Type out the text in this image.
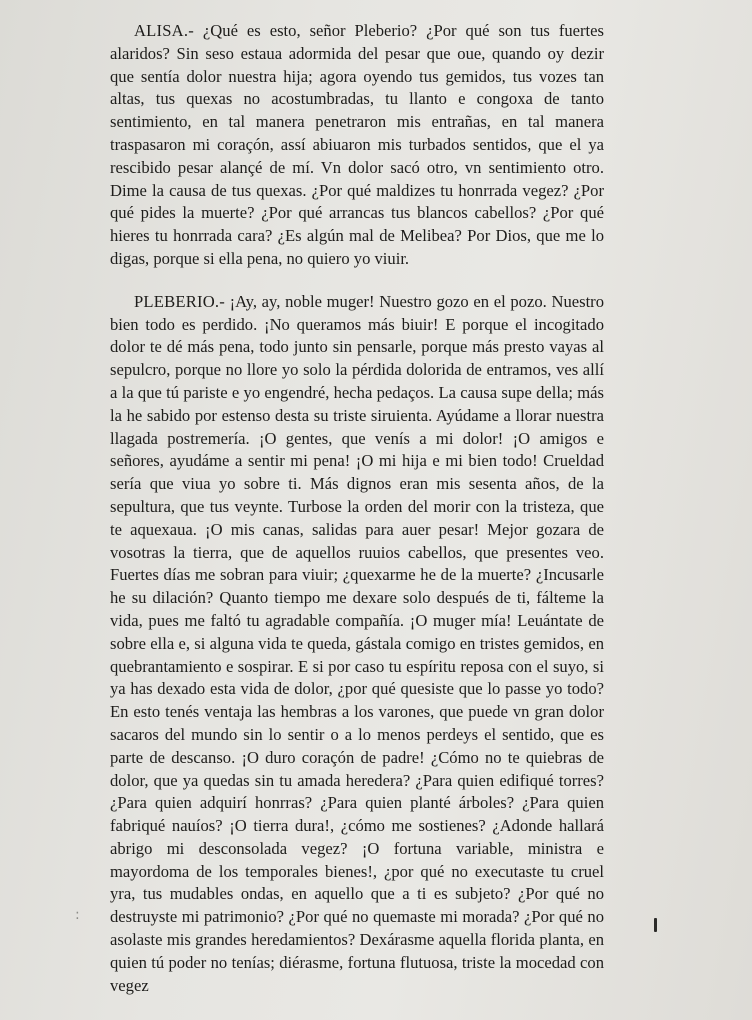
ALISA.- ¿Qué es esto, señor Pleberio? ¿Por qué son tus fuertes alaridos? Sin seso estaua adormida del pesar que oue, quando oy dezir que sentía dolor nuestra hija; agora oyendo tus gemidos, tus vozes tan altas, tus quexas no acostumbradas, tu llanto e congoxa de tanto sentimiento, en tal manera penetraron mis entrañas, en tal manera traspasaron mi coraçón, assí abiuaron mis turbados sentidos, que el ya rescibido pesar alançé de mí. Vn dolor sacó otro, vn sentimiento otro. Dime la causa de tus quexas. ¿Por qué maldizes tu honrrada vegez? ¿Por qué pides la muerte? ¿Por qué arrancas tus blancos cabellos? ¿Por qué hieres tu honrrada cara? ¿Es algún mal de Melibea? Por Dios, que me lo digas, porque si ella pena, no quiero yo viuir.

PLEBERIO.- ¡Ay, ay, noble muger! Nuestro gozo en el pozo. Nuestro bien todo es perdido. ¡No queramos más biuir! E porque el incogitado dolor te dé más pena, todo junto sin pensarle, porque más presto vayas al sepulcro, porque no llore yo solo la pérdida dolorida de entramos, ves allí a la que tú pariste e yo engendré, hecha pedaços. La causa supe della; más la he sabido por estenso desta su triste siruienta. Ayúdame a llorar nuestra llagada postremería. ¡O gentes, que venís a mi dolor! ¡O amigos e señores, ayudáme a sentir mi pena! ¡O mi hija e mi bien todo! Crueldad sería que viua yo sobre ti. Más dignos eran mis sesenta años, de la sepultura, que tus veynte. Turbose la orden del morir con la tristeza, que te aquexaua. ¡O mis canas, salidas para auer pesar! Mejor gozara de vosotras la tierra, que de aquellos ruuios cabellos, que presentes veo. Fuertes días me sobran para viuir; ¿quexarme he de la muerte? ¿Incusarle he su dilación? Quanto tiempo me dexare solo después de ti, fálteme la vida, pues me faltó tu agradable compañía. ¡O muger mía! Leuántate de sobre ella e, si alguna vida te queda, gástala comigo en tristes gemidos, en quebrantamiento e sospirar. E si por caso tu espíritu reposa con el suyo, si ya has dexado esta vida de dolor, ¿por qué quesiste que lo passe yo todo? En esto tenés ventaja las hembras a los varones, que puede vn gran dolor sacaros del mundo sin lo sentir o a lo menos perdeys el sentido, que es parte de descanso. ¡O duro coraçón de padre! ¿Cómo no te quiebras de dolor, que ya quedas sin tu amada heredera? ¿Para quien edifiqué torres?¿Para quien adquirí honrras? ¿Para quien planté árboles? ¿Para quien fabriqué nauíos? ¡O tierra dura!, ¿cómo me sostienes? ¿Adonde hallará abrigo mi desconsolada vegez? ¡O fortuna variable, ministra e mayordoma de los temporales bienes!, ¿por qué no executaste tu cruel yra, tus mudables ondas, en aquello que a ti es subjeto? ¿Por qué no destruyste mi patrimonio? ¿Por qué no quemaste mi morada? ¿Por qué no asolaste mis grandes heredamientos? Dexárasme aquella florida planta, en quien tú poder no tenías; diérasme, fortuna flutuosa, triste la mocedad con vegez

:
